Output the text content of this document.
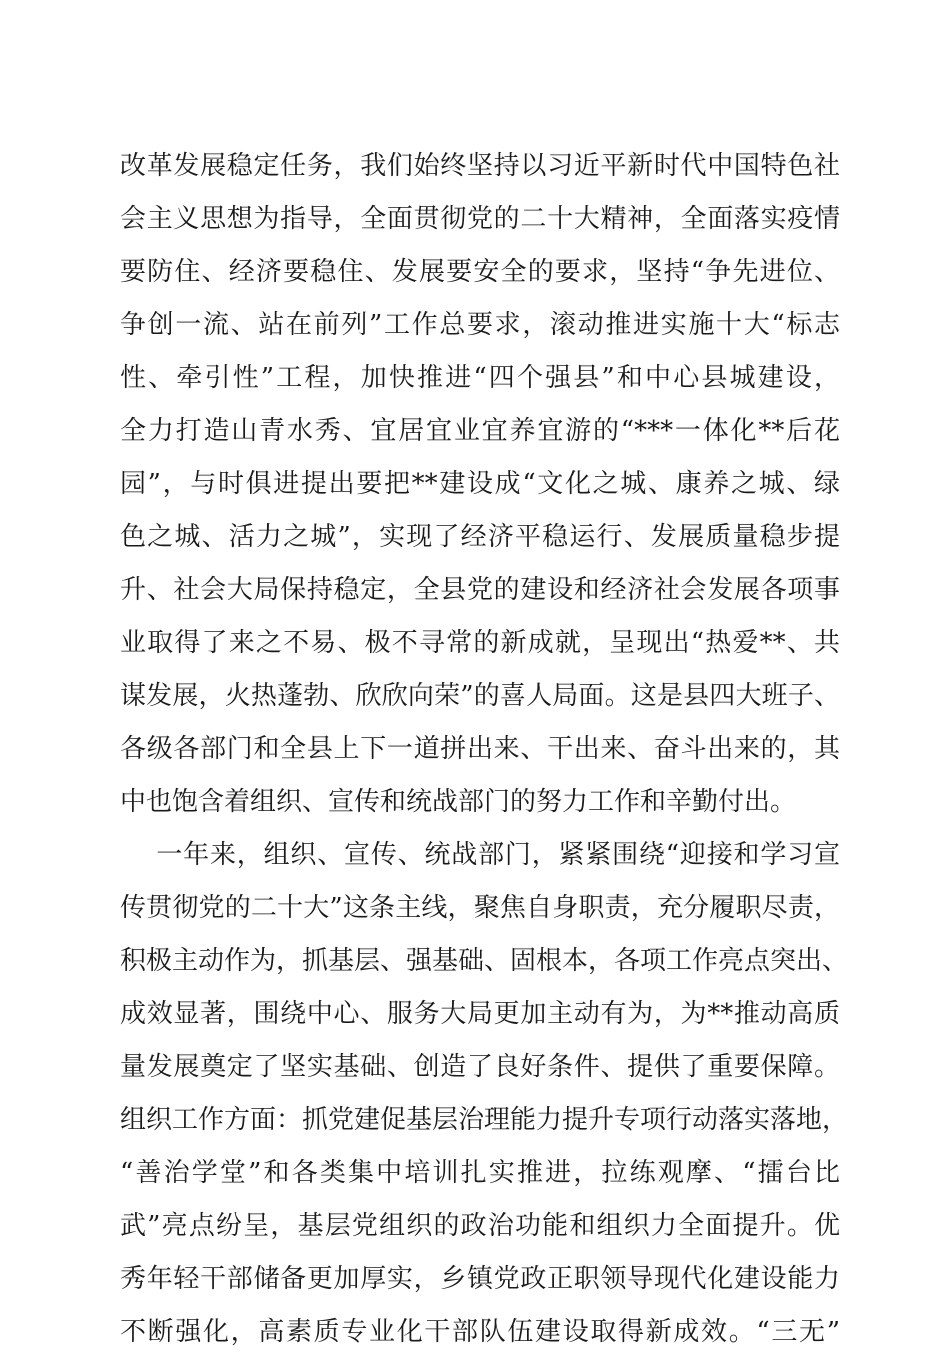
改革发展稳定任务，我们始终坚持以习近平新时代中国特色社
会主义思想为指导，全面贯彻党的二十大精神，全面落实疫情
要防住、经济要稳住、发展要安全的要求，坚持“争先进位、
争创一流、站在前列”工作总要求，滚动推进实施十大“标志
性、牵引性”工程，加快推进“四个强县”和中心县城建设，
全力打造山青水秀、宜居宜业宜养宜游的“***一体化**后花
园”，与时俱进提出要把**建设成“文化之城、康养之城、绿
色之城、活力之城”，实现了经济平稳运行、发展质量稳步提
升、社会大局保持稳定，全县党的建设和经济社会发展各项事
业取得了来之不易、极不寻常的新成就，呈现出“热爱**、共
谋发展，火热蓬勃、欣欣向荣”的喜人局面。这是县四大班子、
各级各部门和全县上下一道拼出来、干出来、奋斗出来的，其
中也饱含着组织、宣传和统战部门的努力工作和辛勤付出。
一年来，组织、宣传、统战部门，紧紧围绕“迎接和学习宣
传贯彻党的二十大”这条主线，聚焦自身职责，充分履职尽责，
积极主动作为，抓基层、强基础、固根本，各项工作亮点突出、
成效显著，围绕中心、服务大局更加主动有为，为**推动高质
量发展奠定了坚实基础、创造了良好条件、提供了重要保障。
组织工作方面：抓党建促基层治理能力提升专项行动落实落地，
“善治学堂”和各类集中培训扎实推进，拉练观摩、“擂台比
武”亮点纷呈，基层党组织的政治功能和组织力全面提升。优
秀年轻干部储备更加厚实，乡镇党政正职领导现代化建设能力
不断强化，高素质专业化干部队伍建设取得新成效。“三无”
